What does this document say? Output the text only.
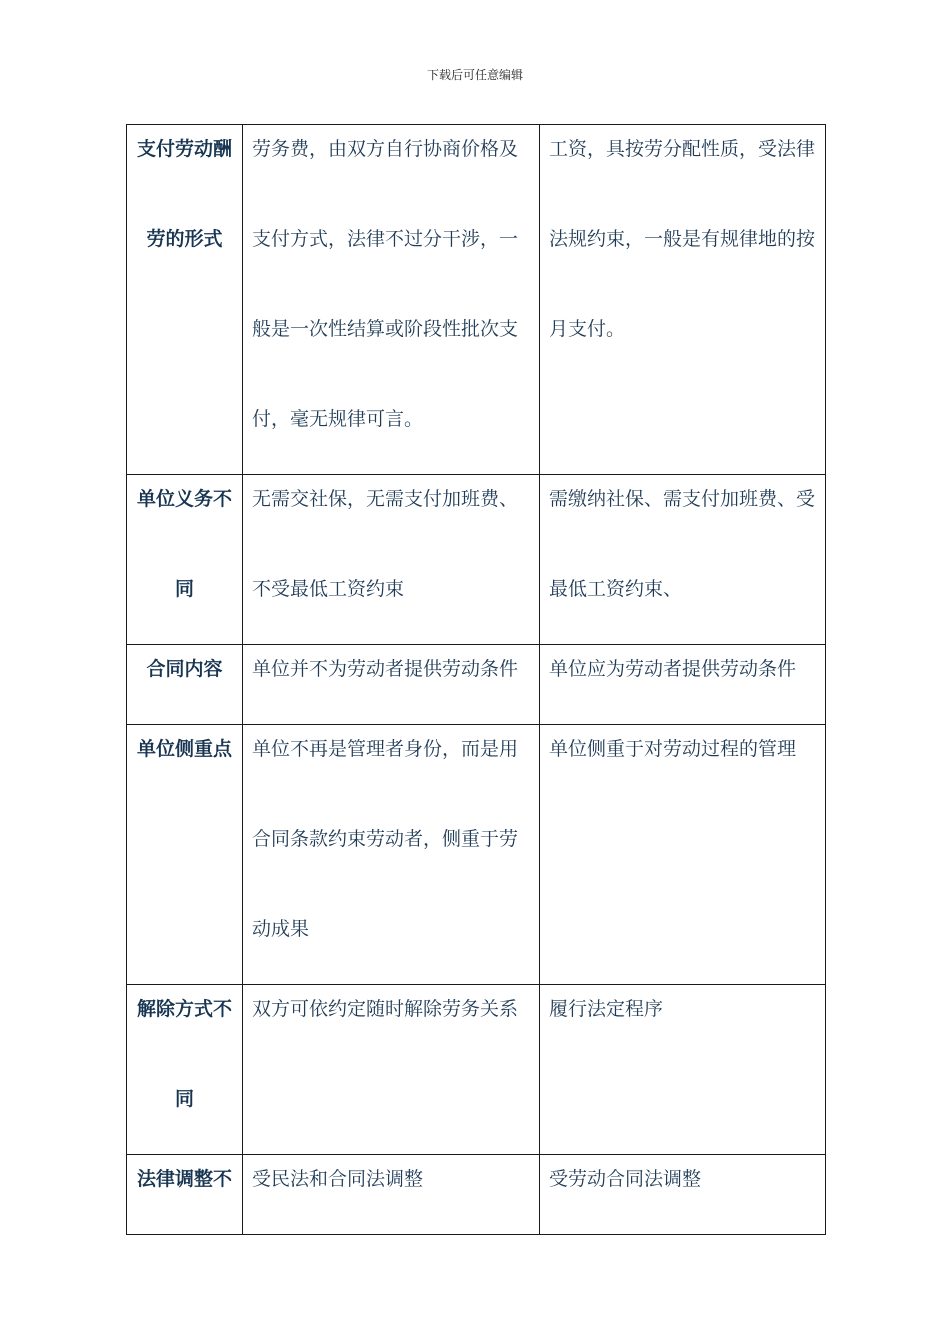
下载后可任意编辑
支付劳动酬劳的形式	劳务费，由双方自行协商价格及支付方式，法律不过分干涉，一般是一次性结算或阶段性批次支付，毫无规律可言。	工资，具按劳分配性质，受法律法规约束，一般是有规律地的按月支付。

单位义务不同	无需交社保，无需支付加班费、不受最低工资约束	需缴纳社保、需支付加班费、受最低工资约束、

合同内容	单位并不为劳动者提供劳动条件	单位应为劳动者提供劳动条件

单位侧重点	单位不再是管理者身份，而是用合同条款约束劳动者，侧重于劳动成果	单位侧重于对劳动过程的管理

解除方式不同	双方可依约定随时解除劳务关系	履行法定程序

法律调整不	受民法和合同法调整	受劳动合同法调整
